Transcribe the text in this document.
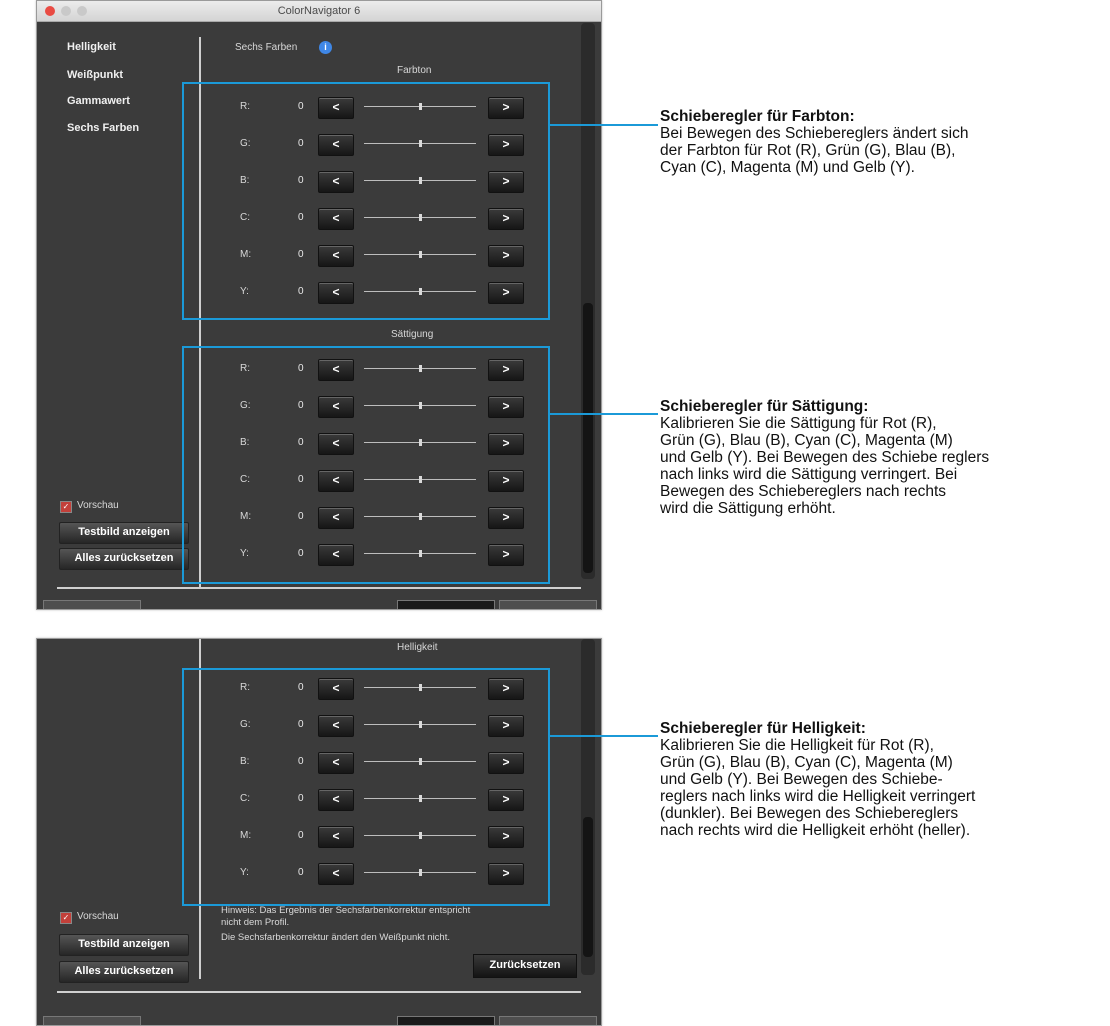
ColorNavigator 6
Helligkeit
Weißpunkt
Gammawert
Sechs Farben
Sechs Farben	i
Farbton
R:	0	<	>
G:	0	<	>
B:	0	<	>
C:	0	<	>
M:	0	<	>
Y:	0	<	>
Sättigung
R:	0	<	>
G:	0	<	>
B:	0	<	>
C:	0	<	>
M:	0	<	>
Y:	0	<	>
✓ Vorschau
Testbild anzeigen
Alles zurücksetzen
Helligkeit
R:	0	<	>
G:	0	<	>
B:	0	<	>
C:	0	<	>
M:	0	<	>
Y:	0	<	>
Hinweis: Das Ergebnis der Sechsfarbenkorrektur entspricht
nicht dem Profil.
Die Sechsfarbenkorrektur ändert den Weißpunkt nicht.
Zurücksetzen
✓ Vorschau
Testbild anzeigen
Alles zurücksetzen
Schieberegler für Farbton:
Bei Bewegen des Schiebereglers ändert sich
der Farbton für Rot (R), Grün (G), Blau (B),
Cyan (C), Magenta (M) und Gelb (Y).
Schieberegler für Sättigung:
Kalibrieren Sie die Sättigung für Rot (R),
Grün (G), Blau (B), Cyan (C), Magenta (M)
und Gelb (Y). Bei Bewegen des Schiebe reglers
nach links wird die Sättigung verringert. Bei
Bewegen des Schiebereglers nach rechts
wird die Sättigung erhöht.
Schieberegler für Helligkeit:
Kalibrieren Sie die Helligkeit für Rot (R),
Grün (G), Blau (B), Cyan (C), Magenta (M)
und Gelb (Y). Bei Bewegen des Schiebe-
reglers nach links wird die Helligkeit verringert
(dunkler). Bei Bewegen des Schiebereglers
nach rechts wird die Helligkeit erhöht (heller).
